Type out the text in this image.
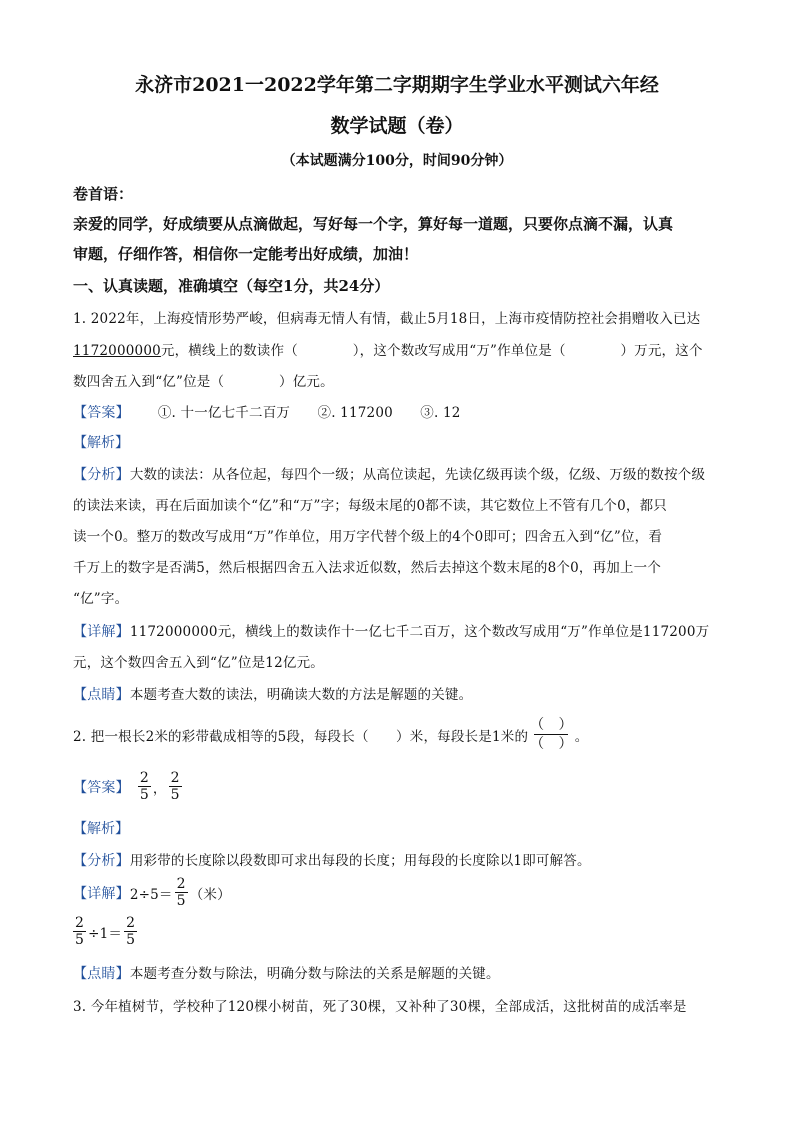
永济市2021一2022学年第二字期期字生学业水平测试六年经
数学试题（卷）
（本试题满分100分，时间90分钟）
卷首语：
亲爱的同学，好成绩要从点滴做起，写好每一个字，算好每一道题，只要你点滴不漏，认真
审题，仔细作答，相信你一定能考出好成绩，加油！
一、认真读题，准确填空（每空1分，共24分）
1. 2022年，上海疫情形势严峻，但病毒无情人有情，截止5月18日，上海市疫情防控社会捐赠收入已达
1172000000元，横线上的数读作（　　　　），这个数改写成用“万”作单位是（　　　　）万元，这个
数四舍五入到“亿”位是（　　　　）亿元。
【答案】 ①. 十一亿七千二百万　　②. 117200　　③. 12
【解析】
【分析】大数的读法：从各位起，每四个一级；从高位读起，先读亿级再读个级，亿级、万级的数按个级
的读法来读，再在后面加读个“亿”和“万”字；每级末尾的0都不读，其它数位上不管有几个0，都只
读一个0。整万的数改写成用“万”作单位，用万字代替个级上的4个0即可；四舍五入到“亿”位，看
千万上的数字是否满5，然后根据四舍五入法求近似数，然后去掉这个数末尾的8个0，再加上一个
“亿”字。
【详解】1172000000元，横线上的数读作十一亿七千二百万，这个数改写成用“万”作单位是117200万
元，这个数四舍五入到“亿”位是12亿元。
【点睛】本题考查大数的读法，明确读大数的方法是解题的关键。
2. 把一根长2米的彩带截成相等的5段，每段长（　　）米，每段长是1米的
（　）
（　） 。
【答案】 $\frac{2}{5}$ ， $\frac{2}{5}$
【解析】
【分析】用彩带的长度除以段数即可求出每段的长度；用每段的长度除以1即可解答。
【详解】 $2\div 5= \frac{2}{5}$ （米）
$\frac{2}{5} \div 1= \frac{2}{5}$
【点睛】本题考查分数与除法，明确分数与除法的关系是解题的关键。
3. 今年植树节，学校种了120棵小树苗，死了30棵，又补种了30棵，全部成活，这批树苗的成活率是
